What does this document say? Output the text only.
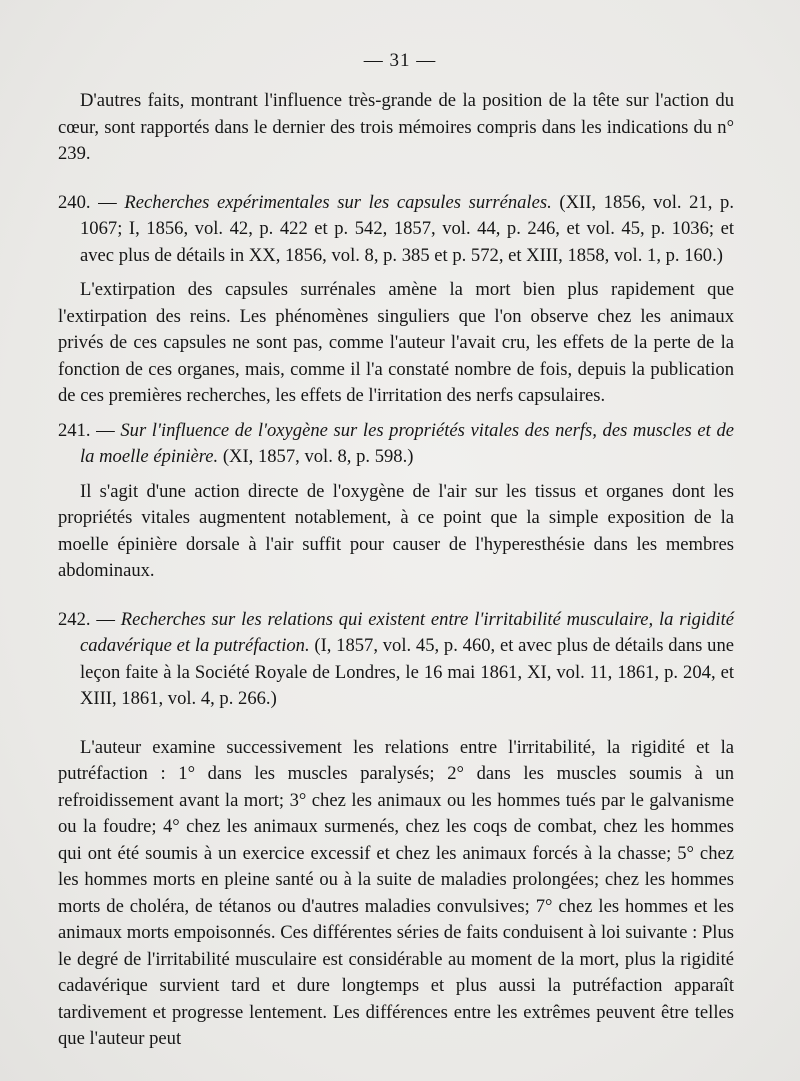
— 31 —

D'autres faits, montrant l'influence très-grande de la position de la tête sur l'action du cœur, sont rapportés dans le dernier des trois mémoires compris dans les indications du n° 239.

240. — Recherches expérimentales sur les capsules surrénales. (XII, 1856, vol. 21, p. 1067; I, 1856, vol. 42, p. 422 et p. 542, 1857, vol. 44, p. 246, et vol. 45, p. 1036; et avec plus de détails in XX, 1856, vol. 8, p. 385 et p. 572, et XIII, 1858, vol. 1, p. 160.)

L'extirpation des capsules surrénales amène la mort bien plus rapidement que l'extirpation des reins. Les phénomènes singuliers que l'on observe chez les animaux privés de ces capsules ne sont pas, comme l'auteur l'avait cru, les effets de la perte de la fonction de ces organes, mais, comme il l'a constaté nombre de fois, depuis la publication de ces premières recherches, les effets de l'irritation des nerfs capsulaires.

241. — Sur l'influence de l'oxygène sur les propriétés vitales des nerfs, des muscles et de la moelle épinière. (XI, 1857, vol. 8, p. 598.)

Il s'agit d'une action directe de l'oxygène de l'air sur les tissus et organes dont les propriétés vitales augmentent notablement, à ce point que la simple exposition de la moelle épinière dorsale à l'air suffit pour causer de l'hyperesthésie dans les membres abdominaux.

242. — Recherches sur les relations qui existent entre l'irritabilité musculaire, la rigidité cadavérique et la putréfaction. (I, 1857, vol. 45, p. 460, et avec plus de détails dans une leçon faite à la Société Royale de Londres, le 16 mai 1861, XI, vol. 11, 1861, p. 204, et XIII, 1861, vol. 4, p. 266.)

L'auteur examine successivement les relations entre l'irritabilité, la rigidité et la putréfaction : 1° dans les muscles paralysés; 2° dans les muscles soumis à un refroidissement avant la mort; 3° chez les animaux ou les hommes tués par le galvanisme ou la foudre; 4° chez les animaux surmenés, chez les coqs de combat, chez les hommes qui ont été soumis à un exercice excessif et chez les animaux forcés à la chasse; 5° chez les hommes morts en pleine santé ou à la suite de maladies prolongées; chez les hommes morts de choléra, de tétanos ou d'autres maladies convulsives; 7° chez les hommes et les animaux morts empoisonnés. Ces différentes séries de faits conduisent à loi suivante : Plus le degré de l'irritabilité musculaire est considérable au moment de la mort, plus la rigidité cadavérique survient tard et dure longtemps et plus aussi la putréfaction apparaît tardivement et progresse lentement. Les différences entre les extrêmes peuvent être telles que l'auteur peut
